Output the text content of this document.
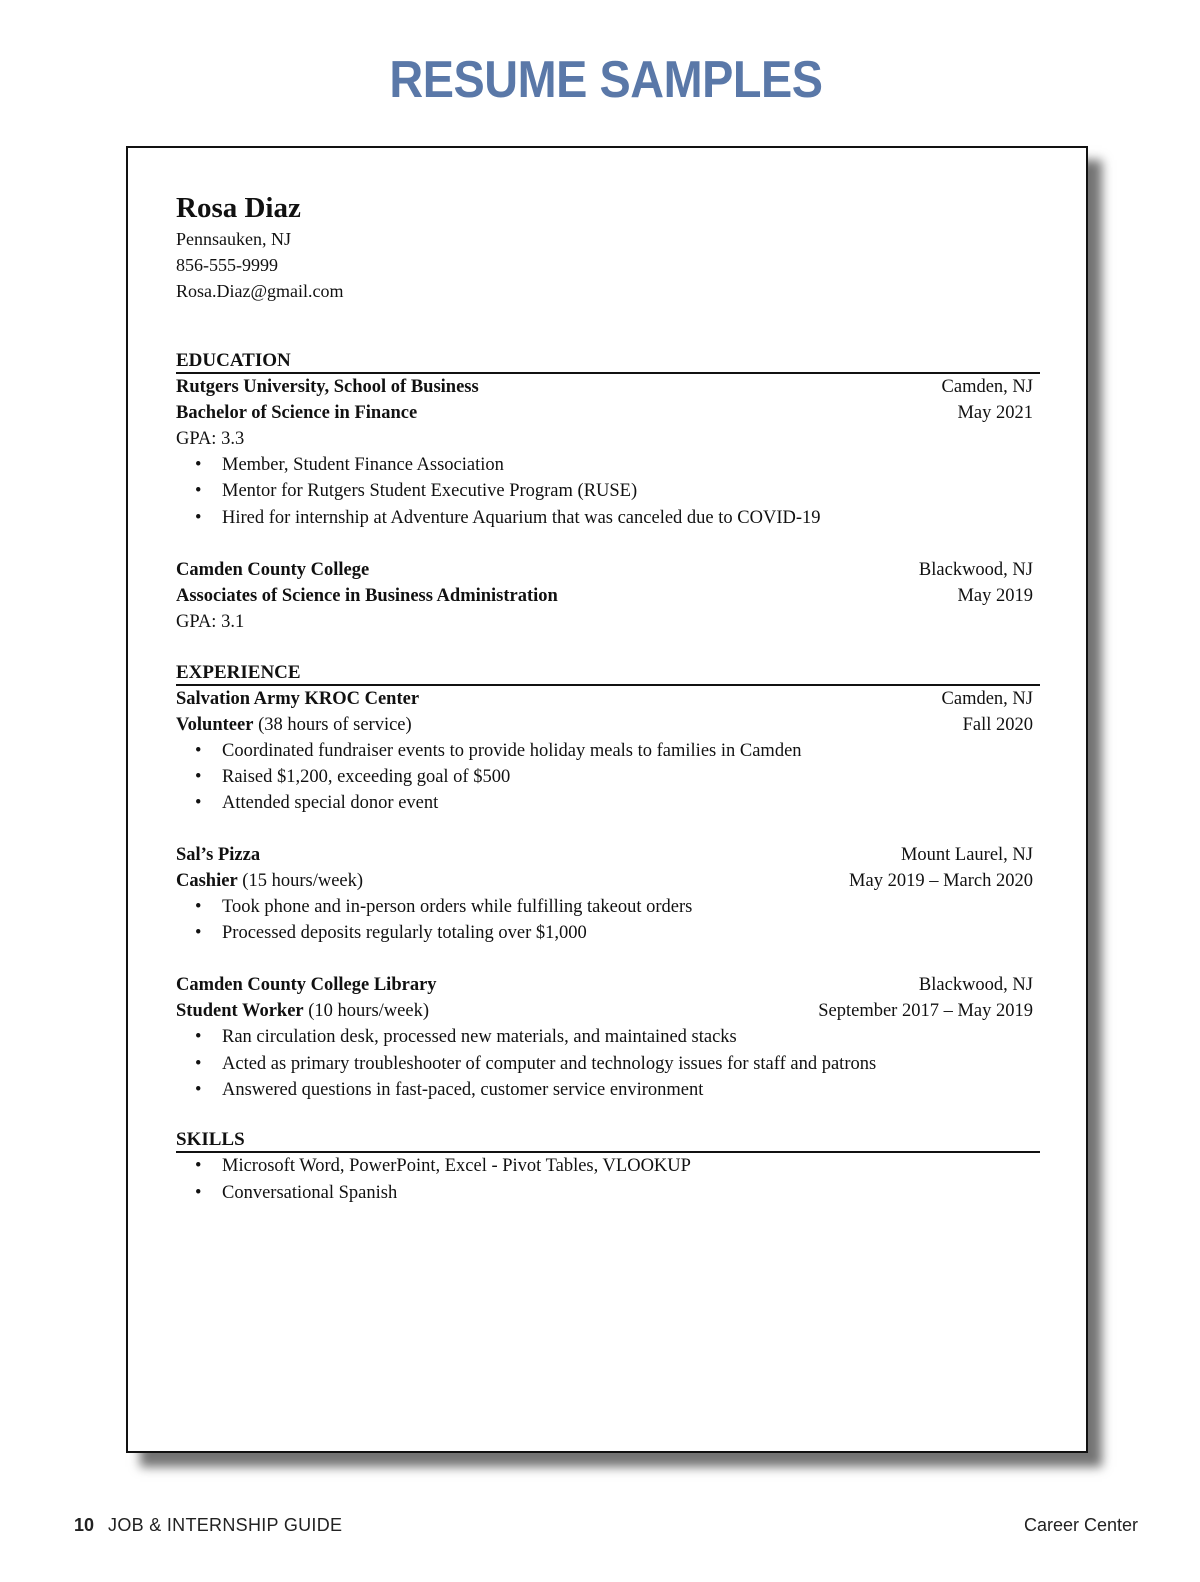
RESUME SAMPLES
Rosa Diaz
Pennsauken, NJ
856-555-9999
Rosa.Diaz@gmail.com
EDUCATION
Rutgers University, School of Business	Camden, NJ
Bachelor of Science in Finance	May 2021
GPA: 3.3
• Member, Student Finance Association
• Mentor for Rutgers Student Executive Program (RUSE)
• Hired for internship at Adventure Aquarium that was canceled due to COVID-19
Camden County College	Blackwood, NJ
Associates of Science in Business Administration	May 2019
GPA: 3.1
EXPERIENCE
Salvation Army KROC Center	Camden, NJ
Volunteer (38 hours of service)	Fall 2020
• Coordinated fundraiser events to provide holiday meals to families in Camden
• Raised $1,200, exceeding goal of $500
• Attended special donor event
Sal’s Pizza	Mount Laurel, NJ
Cashier (15 hours/week)	May 2019 – March 2020
• Took phone and in-person orders while fulfilling takeout orders
• Processed deposits regularly totaling over $1,000
Camden County College Library	Blackwood, NJ
Student Worker (10 hours/week)	September 2017 – May 2019
• Ran circulation desk, processed new materials, and maintained stacks
• Acted as primary troubleshooter of computer and technology issues for staff and patrons
• Answered questions in fast-paced, customer service environment
SKILLS
• Microsoft Word, PowerPoint, Excel - Pivot Tables, VLOOKUP
• Conversational Spanish
10 JOB & INTERNSHIP GUIDE	Career Center
